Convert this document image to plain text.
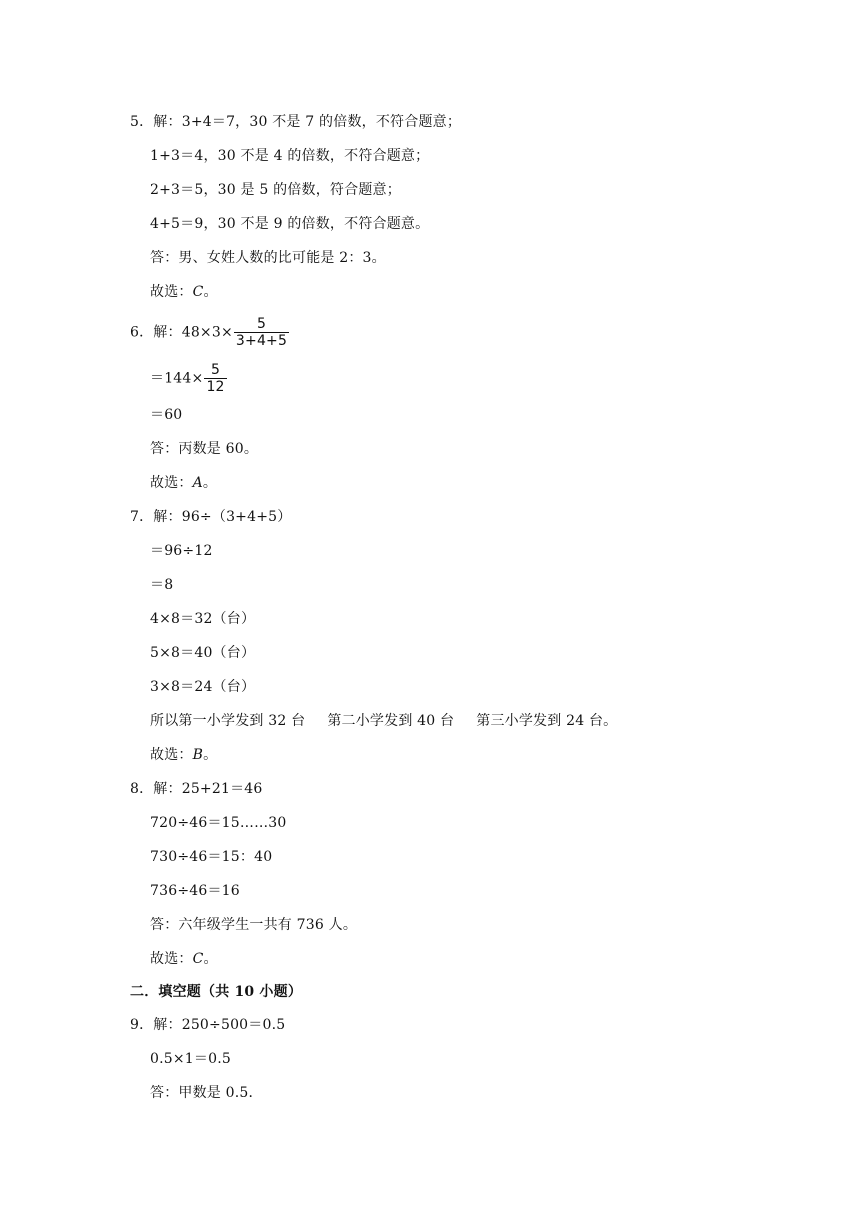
5．解：3+4＝7，30 不是 7 的倍数，不符合题意；
1+3＝4，30 不是 4 的倍数，不符合题意；
2+3＝5，30 是 5 的倍数，符合题意；
4+5＝9，30 不是 9 的倍数，不符合题意。
答：男、女姓人数的比可能是 2：3。
故选：C。
6．解：$48\times 3\times \frac{5}{3+4+5}$
$=144\times \frac{5}{12}$
＝60
答：丙数是 60。
故选：A。
7．解：96÷（3+4+5）
＝96÷12
＝8
4×8＝32（台）
5×8＝40（台）
3×8＝24（台）
所以第一小学发到 32 台 第二小学发到 40 台 第三小学发到 24 台。
故选：B。
8．解：25+21＝46
720÷46＝15……30
730÷46＝15：40
736÷46＝16
答：六年级学生一共有 736 人。
故选：C。
二．填空题（共 10 小题）
9．解：250÷500＝0.5
0.5×1＝0.5
答：甲数是 0.5．
